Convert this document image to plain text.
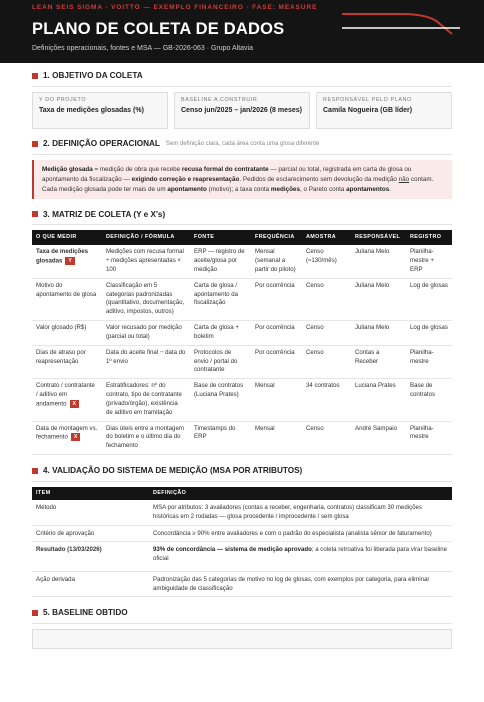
LEAN SEIS SIGMA · VOITTO — EXEMPLO FINANCEIRO · FASE: MEASURE
PLANO DE COLETA DE DADOS
Definições operacionais, fontes e MSA — GB-2026-063 · Grupo Altavia
1. OBJETIVO DA COLETA
Y DO PROJETO
Taxa de medições glosadas (%)
BASELINE A CONSTRUIR
Censo jun/2025 – jan/2026 (8 meses)
RESPONSÁVEL PELO PLANO
Camila Nogueira (GB líder)
2. DEFINIÇÃO OPERACIONAL Sem definição clara, cada área conta uma glosa diferente
Medição glosada = medição de obra que recebe recusa formal do contratante — parcial ou total, registrada em carta de glosa ou apontamento da fiscalização — exigindo correção e reapresentação. Pedidos de esclarecimento sem devolução da medição não contam. Cada medição glosada pode ter mais de um apontamento (motivo); a taxa conta medições, o Pareto conta apontamentos.
3. MATRIZ DE COLETA (Y e X's)
O QUE MEDIR	DEFINIÇÃO / FÓRMULA	FONTE	FREQUÊNCIA	AMOSTRA	RESPONSÁVEL	REGISTRO
Taxa de medições glosadas Y	Medições com recusa formal ÷ medições apresentadas × 100	ERP — registro de aceite/glosa por medição	Mensal (semanal a partir do piloto)	Censo (≈130/mês)	Juliana Melo	Planilha-mestre + ERP
Motivo do apontamento de glosa	Classificação em 5 categorias padronizadas (quantitativo, documentação, aditivo, impostos, outros)	Carta de glosa / apontamento da fiscalização	Por ocorrência	Censo	Juliana Melo	Log de glosas
Valor glosado (R$)	Valor recusado por medição (parcial ou total)	Carta de glosa + boletim	Por ocorrência	Censo	Juliana Melo	Log de glosas
Dias de atraso por reapresentação	Data do aceite final − data do 1º envio	Protocolos de envio / portal do contratante	Por ocorrência	Censo	Contas a Receber	Planilha-mestre
Contrato / contratante / aditivo em andamento X	Estratificadores: nº do contrato, tipo de contratante (privado/órgão), existência de aditivo em tramitação	Base de contratos (Luciana Prates)	Mensal	34 contratos	Luciana Prates	Base de contratos
Data de montagem vs. fechamento X	Dias úteis entre a montagem do boletim e o último dia do fechamento	Timestamps do ERP	Mensal	Censo	André Sampaio	Planilha-mestre
4. VALIDAÇÃO DO SISTEMA DE MEDIÇÃO (MSA POR ATRIBUTOS)
ITEM	DEFINIÇÃO
Método	MSA por atributos: 3 avaliadores (contas a receber, engenharia, contratos) classificam 30 medições históricas em 2 rodadas — glosa procedente / improcedente / sem glosa
Critério de aprovação	Concordância ≥ 90% entre avaliadores e com o padrão do especialista (analista sênior de faturamento)
Resultado (13/03/2026)	93% de concordância — sistema de medição aprovado; a coleta retroativa foi liberada para virar baseline oficial
Ação derivada	Padronização das 5 categorias de motivo no log de glosas, com exemplos por categoria, para eliminar ambiguidade de classificação
5. BASELINE OBTIDO
